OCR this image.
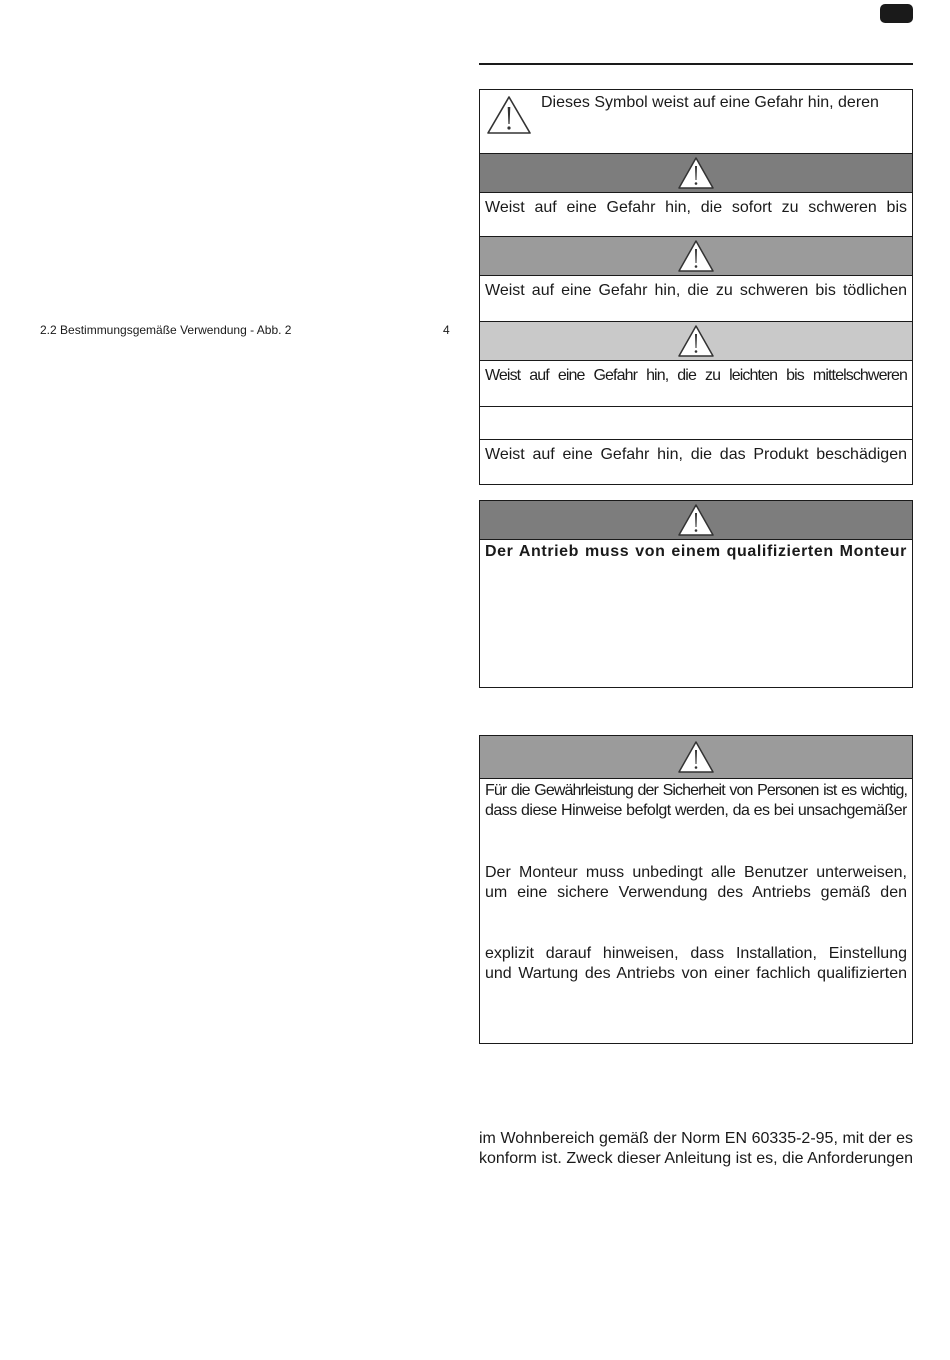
2.2 Bestimmungsgemäße Verwendung - Abb. 2	4
Dieses Symbol weist auf eine Gefahr hin, deren
Weist auf eine Gefahr hin, die sofort zu schweren bis
Weist auf eine Gefahr hin, die zu schweren bis tödlichen
Weist auf eine Gefahr hin, die zu leichten bis mittelschweren
Weist auf eine Gefahr hin, die das Produkt beschädigen
Der Antrieb muss von einem qualifizierten Monteur
Für die Gewährleistung der Sicherheit von Personen ist es wichtig,
dass diese Hinweise befolgt werden, da es bei unsachgemäßer
Der Monteur muss unbedingt alle Benutzer unterweisen,
um eine sichere Verwendung des Antriebs gemäß den
explizit darauf hinweisen, dass Installation, Einstellung
und Wartung des Antriebs von einer fachlich qualifizierten
im Wohnbereich gemäß der Norm EN 60335-2-95, mit der es
konform ist. Zweck dieser Anleitung ist es, die Anforderungen
